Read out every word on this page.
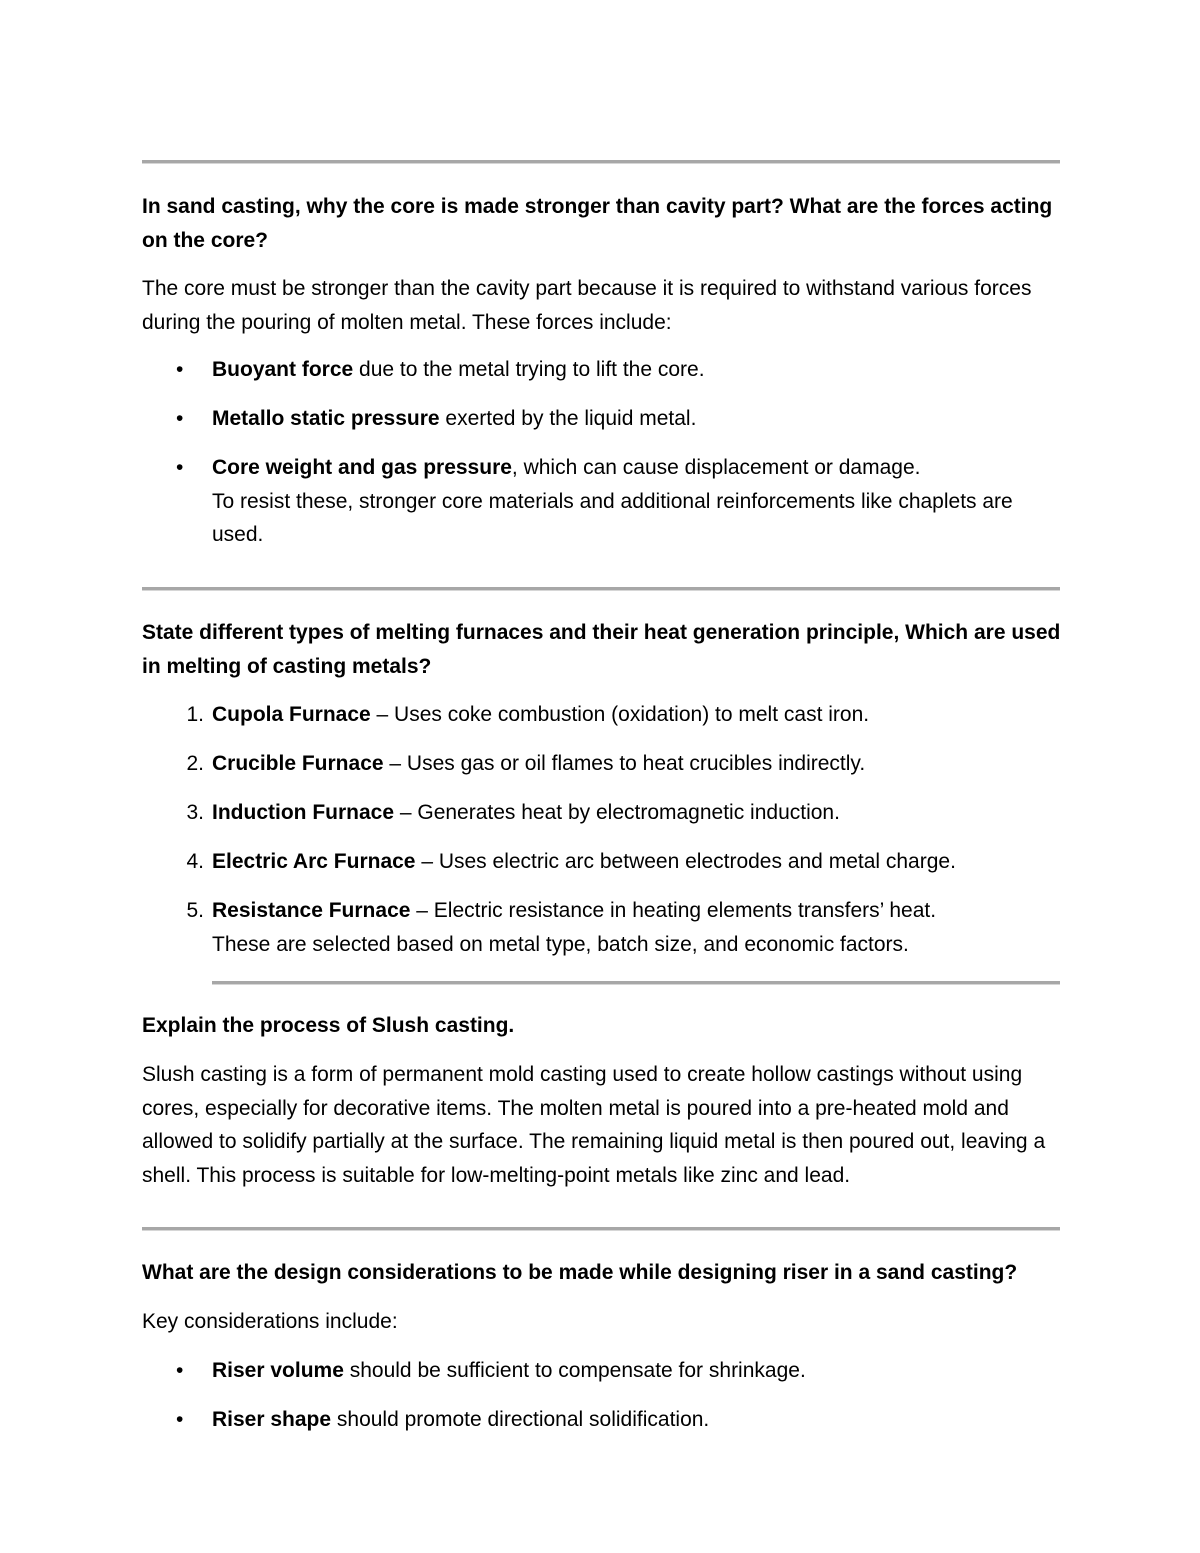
In sand casting, why the core is made stronger than cavity part? What are the forces acting on the core?

The core must be stronger than the cavity part because it is required to withstand various forces during the pouring of molten metal. These forces include:

• Buoyant force due to the metal trying to lift the core.
• Metallo static pressure exerted by the liquid metal.
• Core weight and gas pressure, which can cause displacement or damage.
To resist these, stronger core materials and additional reinforcements like chaplets are used.

State different types of melting furnaces and their heat generation principle, Which are used in melting of casting metals?

1. Cupola Furnace – Uses coke combustion (oxidation) to melt cast iron.
2. Crucible Furnace – Uses gas or oil flames to heat crucibles indirectly.
3. Induction Furnace – Generates heat by electromagnetic induction.
4. Electric Arc Furnace – Uses electric arc between electrodes and metal charge.
5. Resistance Furnace – Electric resistance in heating elements transfers’ heat.
These are selected based on metal type, batch size, and economic factors.

Explain the process of Slush casting.

Slush casting is a form of permanent mold casting used to create hollow castings without using cores, especially for decorative items. The molten metal is poured into a pre-heated mold and allowed to solidify partially at the surface. The remaining liquid metal is then poured out, leaving a shell. This process is suitable for low-melting-point metals like zinc and lead.

What are the design considerations to be made while designing riser in a sand casting?

Key considerations include:

• Riser volume should be sufficient to compensate for shrinkage.
• Riser shape should promote directional solidification.
